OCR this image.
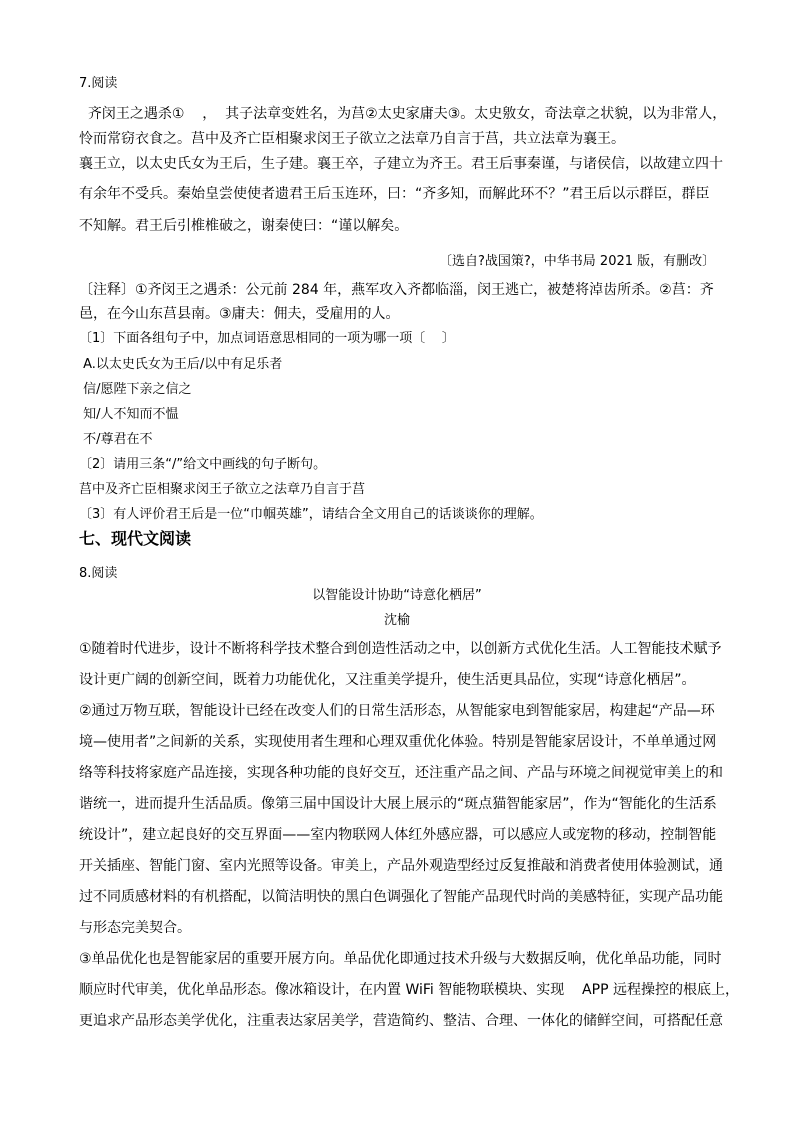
7.阅读
齐闵王之遇杀①    ，  其子法章变姓名，为莒②太史家庸夫③。太史敫女，奇法章之状貌，以为非常人，
怜而常窃衣食之。莒中及齐亡臣相聚求闵王子欲立之法章乃自言于莒，共立法章为襄王。
襄王立，以太史氏女为王后，生子建。襄王卒，子建立为齐王。君王后事秦谨，与诸侯信，以故建立四十
有余年不受兵。秦始皇尝使使者遗君王后玉连环，曰：“齐多知，而解此环不？”君王后以示群臣，群臣
不知解。君王后引椎椎破之，谢秦使曰：“谨以解矣。
〔选自?战国策?，中华书局 2021 版，有删改〕
〔注释〕①齐闵王之遇杀：公元前 284 年，燕军攻入齐都临淄，闵王逃亡，被楚将淖齿所杀。②莒：齐
邑，在今山东莒县南。③庸夫：佣夫，受雇用的人。
〔1〕下面各组句子中，加点词语意思相同的一项为哪一项〔    〕
A.以太史氏女为王后/以中有足乐者
信/愿陛下亲之信之
知/人不知而不愠
不/尊君在不
〔2〕请用三条“/”给文中画线的句子断句。
莒中及齐亡臣相聚求闵王子欲立之法章乃自言于莒
〔3〕有人评价君王后是一位“巾帼英雄”，请结合全文用自己的话谈谈你的理解。
七、现代文阅读
8.阅读
以智能设计协助“诗意化栖居”
沈榆
①随着时代进步，设计不断将科学技术整合到创造性活动之中，以创新方式优化生活。人工智能技术赋予
设计更广阔的创新空间，既着力功能优化，又注重美学提升，使生活更具品位，实现“诗意化栖居”。
②通过万物互联，智能设计已经在改变人们的日常生活形态，从智能家电到智能家居，构建起“产品—环
境—使用者”之间新的关系，实现使用者生理和心理双重优化体验。特别是智能家居设计，不单单通过网
络等科技将家庭产品连接，实现各种功能的良好交互，还注重产品之间、产品与环境之间视觉审美上的和
谐统一，进而提升生活品质。像第三届中国设计大展上展示的“斑点猫智能家居”，作为“智能化的生活系
统设计”，建立起良好的交互界面——室内物联网人体红外感应器，可以感应人或宠物的移动，控制智能
开关插座、智能门窗、室内光照等设备。审美上，产品外观造型经过反复推敲和消费者使用体验测试，通
过不同质感材料的有机搭配，以简洁明快的黑白色调强化了智能产品现代时尚的美感特征，实现产品功能
与形态完美契合。
③单品优化也是智能家居的重要开展方向。单品优化即通过技术升级与大数据反响，优化单品功能，同时
顺应时代审美，优化单品形态。像冰箱设计，在内置 WiFi 智能物联模块、实现    APP 远程操控的根底上，
更追求产品形态美学优化，注重表达家居美学，营造简约、整洁、合理、一体化的储鲜空间，可搭配任意
